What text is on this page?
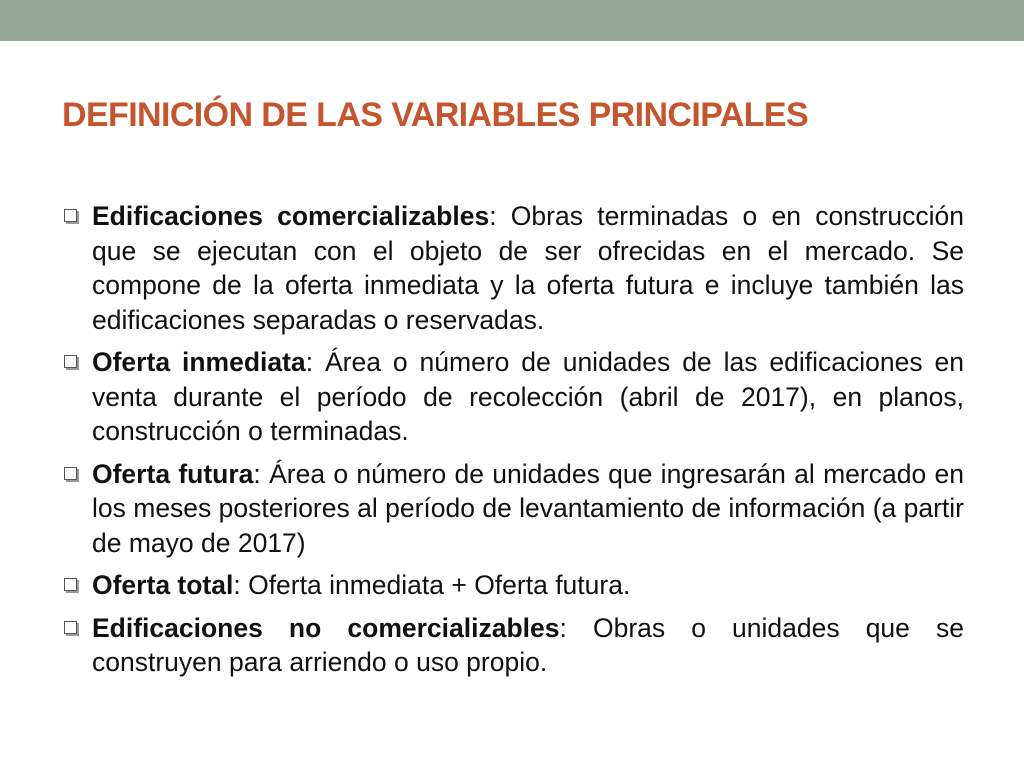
DEFINICIÓN DE LAS VARIABLES PRINCIPALES
Edificaciones comercializables: Obras terminadas o en construcción que se ejecutan con el objeto de ser ofrecidas en el mercado. Se compone de la oferta inmediata y la oferta futura e incluye también las edificaciones separadas o reservadas.
Oferta inmediata: Área o número de unidades de las edificaciones en venta durante el período de recolección (abril de 2017), en planos, construcción o terminadas.
Oferta futura: Área o número de unidades que ingresarán al mercado en los meses posteriores al período de levantamiento de información (a partir de mayo de 2017)
Oferta total: Oferta inmediata + Oferta futura.
Edificaciones no comercializables: Obras o unidades que se construyen para arriendo o uso propio.
